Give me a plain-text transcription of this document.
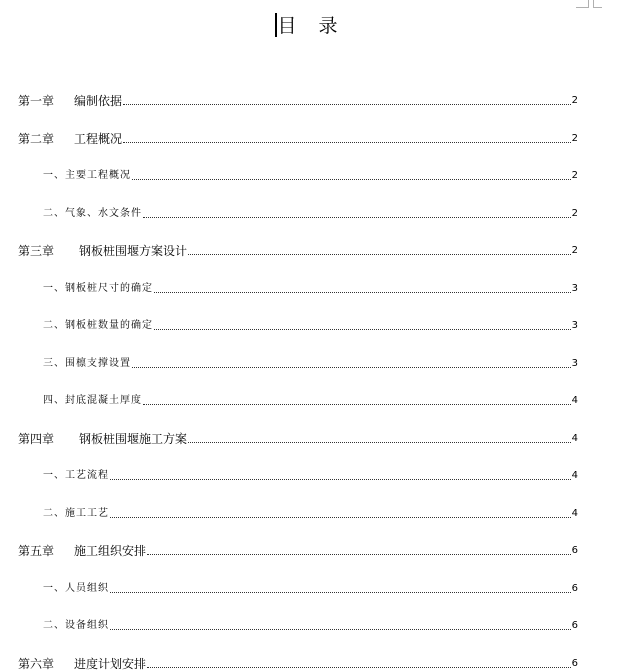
目 录
第一章 编制依据	2
第二章 工程概况	2
一、主要工程概况	2
二、气象、水文条件	2
第三章 钢板桩围堰方案设计	2
一、钢板桩尺寸的确定	3
二、钢板桩数量的确定	3
三、围檩支撑设置	3
四、封底混凝土厚度	4
第四章 钢板桩围堰施工方案	4
一、工艺流程	4
二、施工工艺	4
第五章 施工组织安排	6
一、人员组织	6
二、设备组织	6
第六章 进度计划安排	6
